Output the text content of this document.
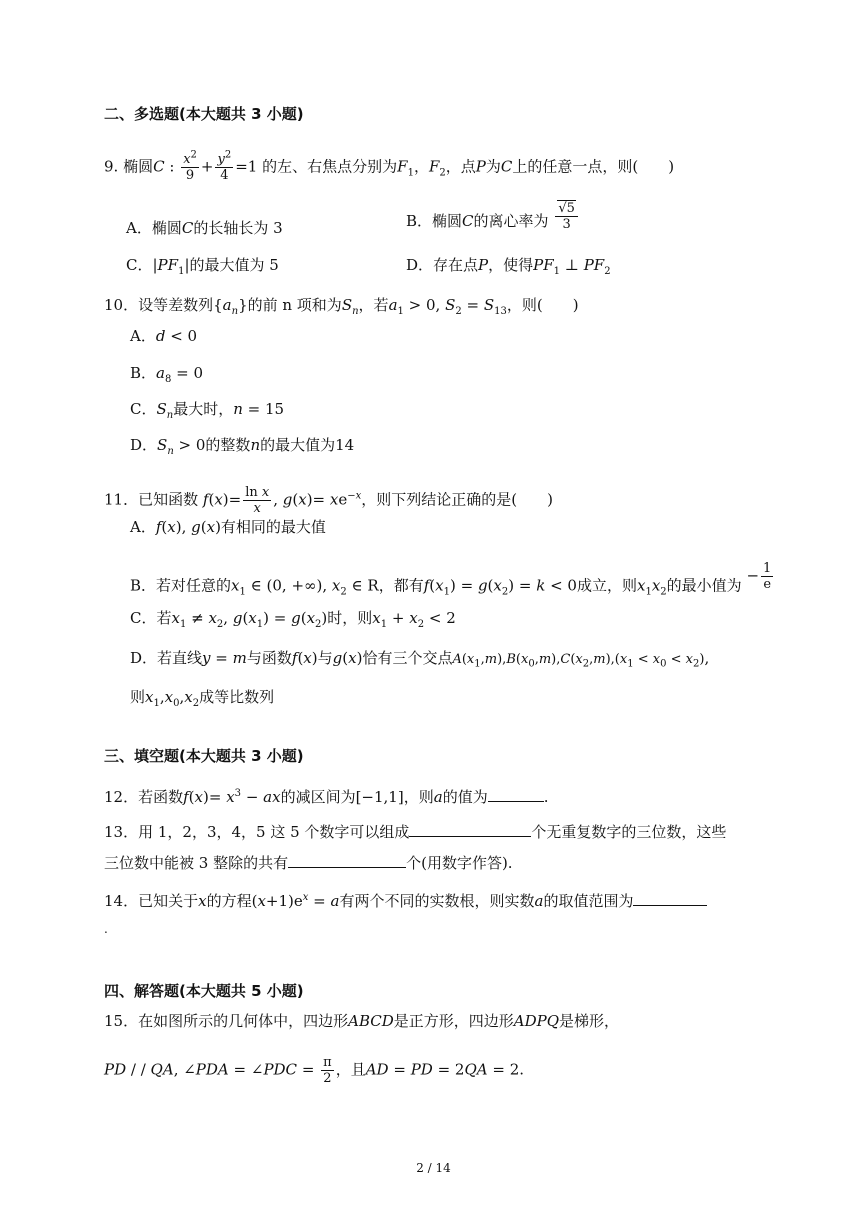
二、多选题(本大题共 3 小题)
9. 椭圆C : $\frac{x^2}{9} + \frac{y^2}{4} =1$ 的左、右焦点分别为$F_1$，$F_2$，点P为C上的任意一点，则(　　)
A．椭圆C的长轴长为 3	B．椭圆C的离心率为 $\frac{√5}{3}$
C．$|PF_1|$的最大值为 5	D．存在点P，使得$PF_1$ ⊥ $PF_2$
10．设等差数列$\{a_n\}$的前 n 项和为$S_n$，若$a_1 > 0$, $S_2 = S_{13}$，则(　　)
A．d < 0
B．$a_8 = 0$
C．$S_n$最大时，n = 15
D．$S_n > 0$的整数n的最大值为14
11．已知函数 $f(x)= \frac{\text{ln x}}{x}$ , $g(x)= xe^{-x}$，则下列结论正确的是(　　)
A．f(x), g(x)有相同的最大值
B．若对任意的$x_1$ ∈ (0, +∞), $x_2$ ∈ R，都有$f(x_1) = g(x_2) = k < 0$成立，则$x_1x_2$的最小值为 − $\frac{1}{e}$
C．若$x_1 \ne x_2$, $g(x_1) = g(x_2)$时，则$x_1 + x_2 < 2$
D．若直线y = m与函数f(x)与g(x)恰有三个交点$A(x_1,m),B(x_0,m),C(x_2,m),(x_1 < x_0 < x_2)$,
则$x_1,x_0,x_2$成等比数列
三、填空题(本大题共 3 小题)
12．若函数$f(x)= x^3$ − ax的减区间为[−1,1]，则a的值为	.
13．用 1，2，3，4，5 这 5 个数字可以组成	个无重复数字的三位数，这些
三位数中能被 3 整除的共有	个(用数字作答).
14．已知关于x的方程$(x+1)e^x = a$有两个不同的实数根，则实数a的取值范围为
.
四、解答题(本大题共 5 小题)
15．在如图所示的几何体中，四边形ABCD是正方形，四边形ADPQ是梯形，
PD / / QA, ∠PDA = ∠PDC = $\frac{\pi}{2}$ ，且AD = PD = 2QA = 2.
2 / 14
